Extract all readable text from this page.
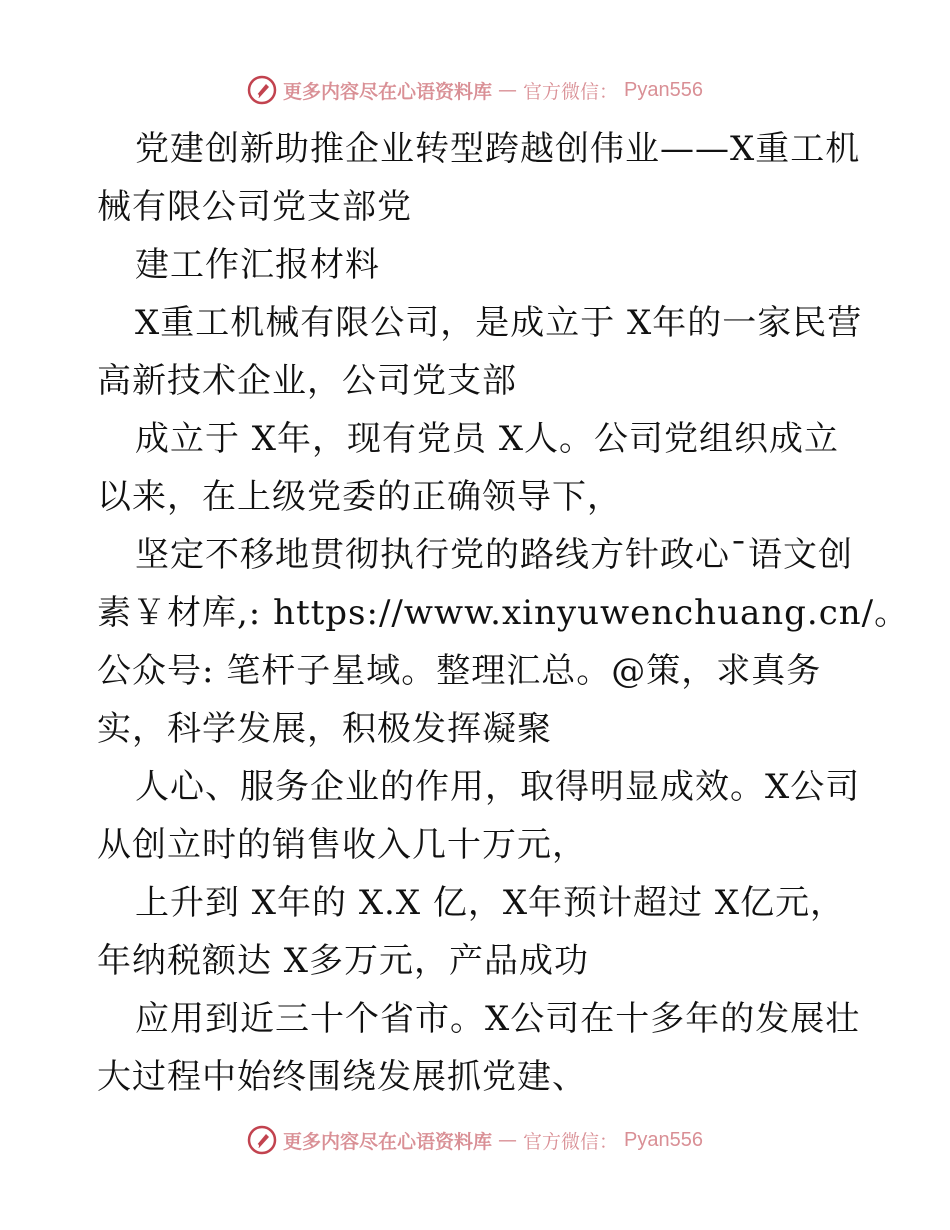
更多内容尽在心语资料库 — 官方微信： Pyan556
党建创新助推企业转型跨越创伟业——X重工机
械有限公司党支部党
建工作汇报材料
X重工机械有限公司，是成立于 X年的一家民营
高新技术企业，公司党支部
成立于 X年，现有党员 X人。公司党组织成立
以来，在上级党委的正确领导下，
坚定不移地贯彻执行党的路线方针政心¯语文创
素￥材库,: https://www.xinyuwenchuang.cn/。
公众号: 笔杆子星域。整理汇总。@策，求真务
实，科学发展，积极发挥凝聚
人心、服务企业的作用，取得明显成效。X公司
从创立时的销售收入几十万元，
上升到 X年的 X.X 亿，X年预计超过 X亿元，
年纳税额达 X多万元，产品成功
应用到近三十个省市。X公司在十多年的发展壮
大过程中始终围绕发展抓党建、
更多内容尽在心语资料库 — 官方微信： Pyan556
